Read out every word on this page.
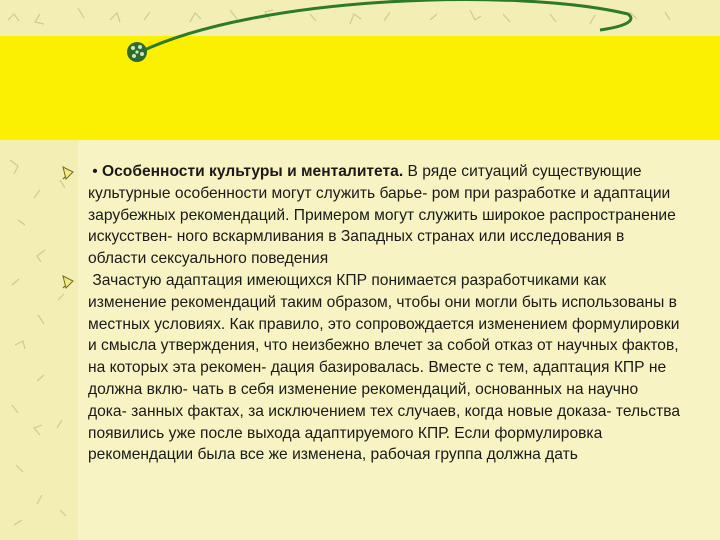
• Особенности культуры и менталитета. В ряде ситуаций существующие культурные особенности могут служить барье- ром при разработке и адаптации зарубежных рекомендаций. Примером могут служить широкое распространение искусствен- ного вскармливания в Западных странах или исследования в области сексуального поведения

Зачастую адаптация имеющихся КПР понимается разработчиками как изменение рекомендаций таким образом, чтобы они могли быть использованы в местных условиях. Как правило, это сопровождается изменением формулировки и смысла утверждения, что неизбежно влечет за собой отказ от научных фактов, на которых эта рекомен- дация базировалась. Вместе с тем, адаптация КПР не должна вклю- чать в себя изменение рекомендаций, основанных на научно дока- занных фактах, за исключением тех случаев, когда новые доказа- тельства появились уже после выхода адаптируемого КПР. Если формулировка рекомендации была все же изменена, рабочая группа должна дать
